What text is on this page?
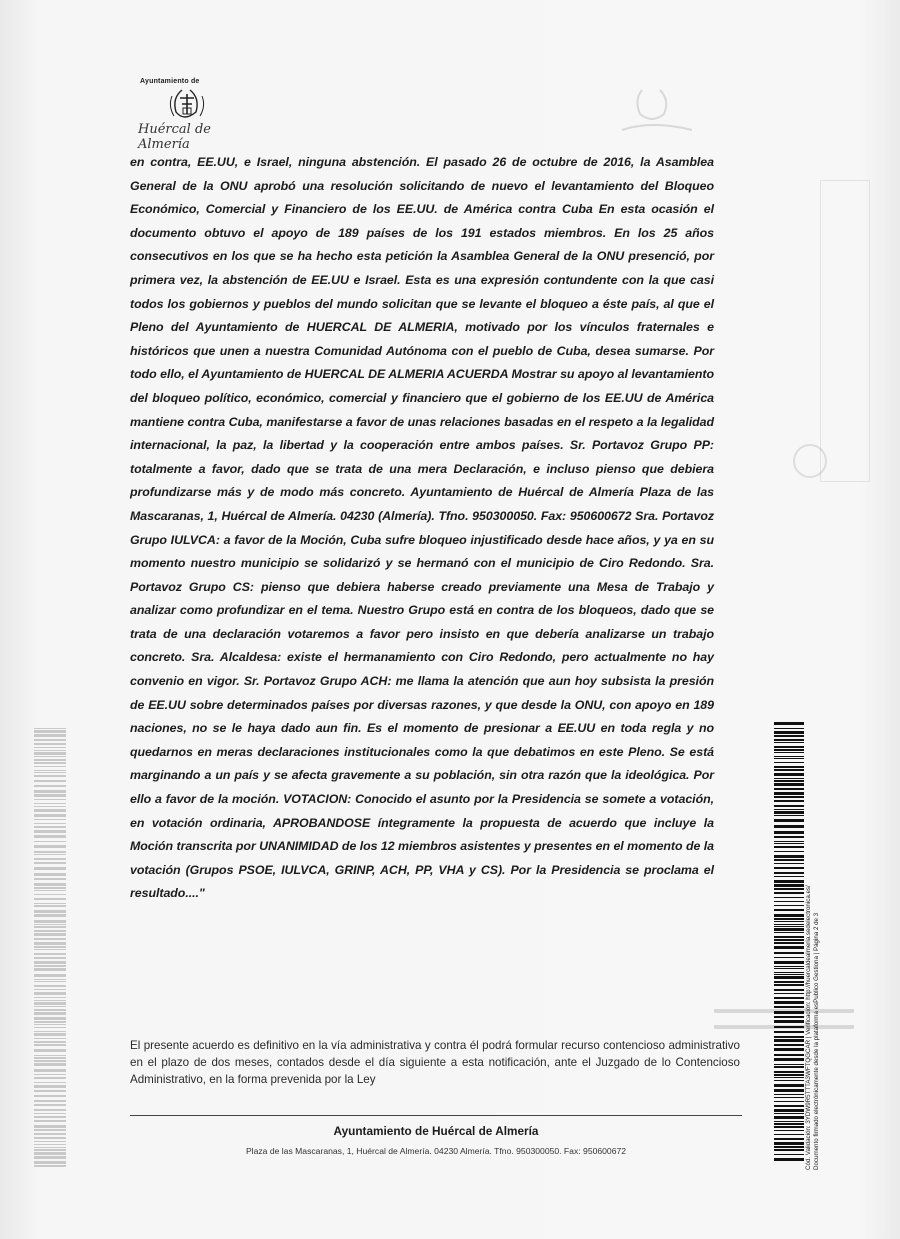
Ayuntamiento de
Huércal de Almería
en contra, EE.UU, e Israel, ninguna abstención. El pasado 26 de octubre de 2016, la Asamblea General de la ONU aprobó una resolución solicitando de nuevo el levantamiento del Bloqueo Económico, Comercial y Financiero de los EE.UU. de América contra Cuba En esta ocasión el documento obtuvo el apoyo de 189 países de los 191 estados miembros. En los 25 años consecutivos en los que se ha hecho esta petición la Asamblea General de la ONU presenció, por primera vez, la abstención de EE.UU e Israel. Esta es una expresión contundente con la que casi todos los gobiernos y pueblos del mundo solicitan que se levante el bloqueo a éste país, al que el Pleno del Ayuntamiento de HUERCAL DE ALMERIA, motivado por los vínculos fraternales e históricos que unen a nuestra Comunidad Autónoma con el pueblo de Cuba, desea sumarse. Por todo ello, el Ayuntamiento de HUERCAL DE ALMERIA ACUERDA Mostrar su apoyo al levantamiento del bloqueo político, económico, comercial y financiero que el gobierno de los EE.UU de América mantiene contra Cuba, manifestarse a favor de unas relaciones basadas en el respeto a la legalidad internacional, la paz, la libertad y la cooperación entre ambos países. Sr. Portavoz Grupo PP: totalmente a favor, dado que se trata de una mera Declaración, e incluso pienso que debiera profundizarse más y de modo más concreto. Ayuntamiento de Huércal de Almería Plaza de las Mascaranas, 1, Huércal de Almería. 04230 (Almería). Tfno. 950300050. Fax: 950600672 Sra. Portavoz Grupo IULVCA: a favor de la Moción, Cuba sufre bloqueo injustificado desde hace años, y ya en su momento nuestro municipio se solidarizó y se hermanó con el municipio de Ciro Redondo. Sra. Portavoz Grupo CS: pienso que debiera haberse creado previamente una Mesa de Trabajo y analizar como profundizar en el tema. Nuestro Grupo está en contra de los bloqueos, dado que se trata de una declaración votaremos a favor pero insisto en que debería analizarse un trabajo concreto. Sra. Alcaldesa: existe el hermanamiento con Ciro Redondo, pero actualmente no hay convenio en vigor. Sr. Portavoz Grupo ACH: me llama la atención que aun hoy subsista la presión de EE.UU sobre determinados países por diversas razones, y que desde la ONU, con apoyo en 189 naciones, no se le haya dado aun fin. Es el momento de presionar a EE.UU en toda regla y no quedarnos en meras declaraciones institucionales como la que debatimos en este Pleno. Se está marginando a un país y se afecta gravemente a su población, sin otra razón que la ideológica. Por ello a favor de la moción. VOTACION: Conocido el asunto por la Presidencia se somete a votación, en votación ordinaria, APROBANDOSE íntegramente la propuesta de acuerdo que incluye la Moción transcrita por UNANIMIDAD de los 12 miembros asistentes y presentes en el momento de la votación (Grupos PSOE, IULVCA, GRINP, ACH, PP, VHA y CS). Por la Presidencia se proclama el resultado...."
El presente acuerdo es definitivo en la vía administrativa y contra él podrá formular recurso contencioso administrativo en el plazo de dos meses, contados desde el día siguiente a esta notificación, ante el Juzgado de lo Contencioso Administrativo, en la forma prevenida por la Ley
Ayuntamiento de Huércal de Almería
Plaza de las Mascaranas, 1, Huércal de Almería. 04230 Almería. Tfno. 950300050. Fax: 950600672	Cód. Validación: 3YDW9R5TTTA3WFTQGCAR | Verificación: http://huercaldealmeria.sedelectronica.es/ Documento firmado electrónicamente desde la plataforma esPublico Gestiona | Página 2 de 3
